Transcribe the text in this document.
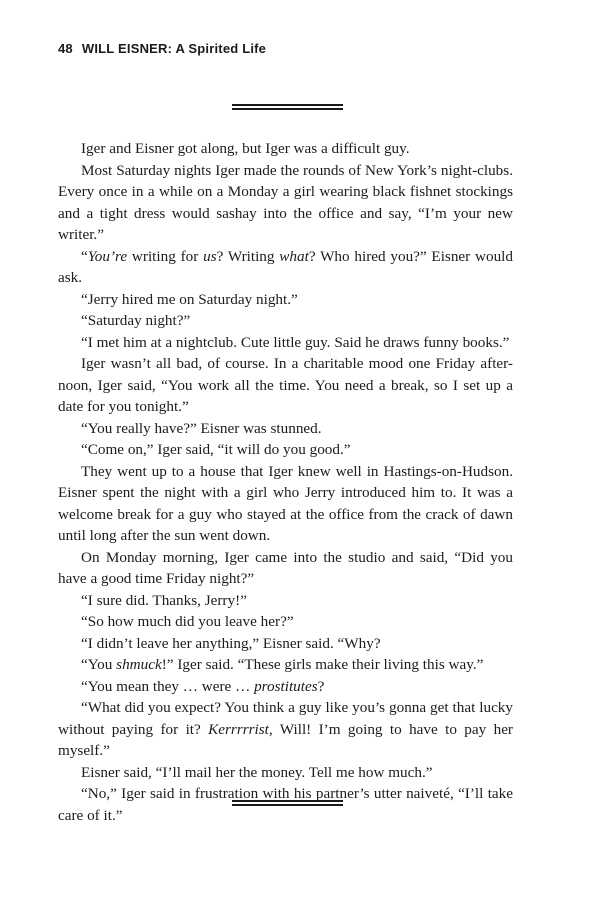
48 WILL EISNER: A Spirited Life

Iger and Eisner got along, but Iger was a difficult guy.

Most Saturday nights Iger made the rounds of New York’s night-clubs. Every once in a while on a Monday a girl wearing black fishnet stockings and a tight dress would sashay into the office and say, “I’m your new writer.”

“You’re writing for us? Writing what? Who hired you?” Eisner would ask.

“Jerry hired me on Saturday night.”

“Saturday night?”

“I met him at a nightclub. Cute little guy. Said he draws funny books.”

Iger wasn’t all bad, of course. In a charitable mood one Friday after-noon, Iger said, “You work all the time. You need a break, so I set up a date for you tonight.”

“You really have?” Eisner was stunned.

“Come on,” Iger said, “it will do you good.”

They went up to a house that Iger knew well in Hastings-on-Hudson. Eisner spent the night with a girl who Jerry introduced him to. It was a welcome break for a guy who stayed at the office from the crack of dawn until long after the sun went down.

On Monday morning, Iger came into the studio and said, “Did you have a good time Friday night?”

“I sure did. Thanks, Jerry!”

“So how much did you leave her?”

“I didn’t leave her anything,” Eisner said. “Why?

“You shmuck!” Iger said. “These girls make their living this way.”

“You mean they … were … prostitutes?

“What did you expect? You think a guy like you’s gonna get that lucky without paying for it? Kerrrrrist, Will! I’m going to have to pay her myself.”

Eisner said, “I’ll mail her the money. Tell me how much.”

“No,” Iger said in frustration with his partner’s utter naiveté, “I’ll take care of it.”
